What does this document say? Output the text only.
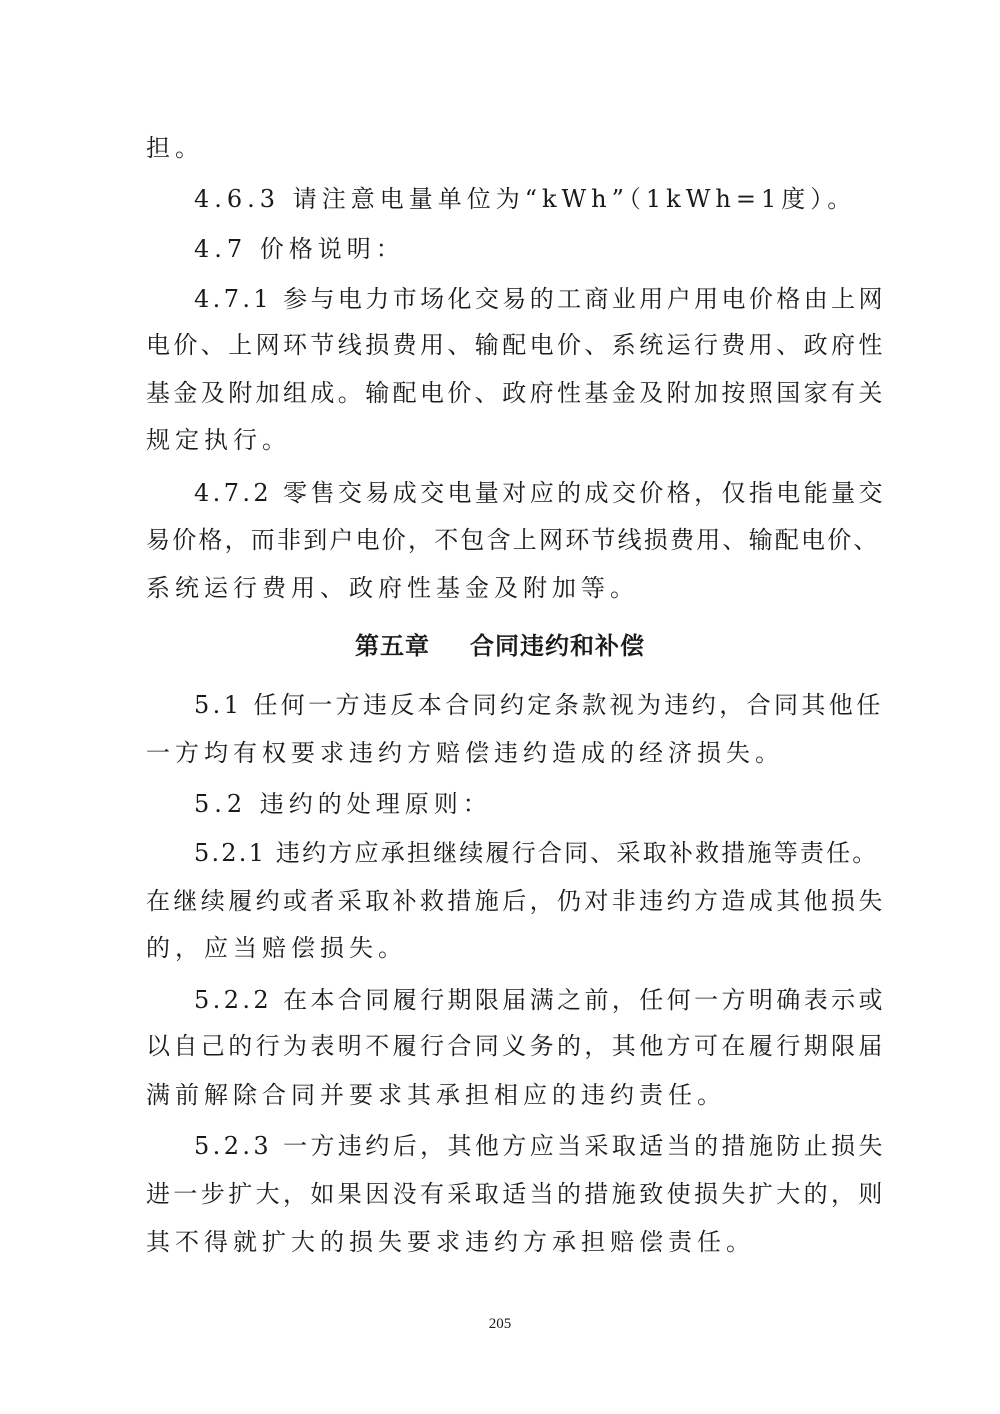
担。

4.6.3 请注意电量单位为“kWh”（1kWh=1度）。

4.7 价格说明：

4.7.1 参与电力市场化交易的工商业用户用电价格由上网

电价、上网环节线损费用、输配电价、系统运行费用、政府性

基金及附加组成。输配电价、政府性基金及附加按照国家有关

规定执行。

4.7.2 零售交易成交电量对应的成交价格，仅指电能量交

易价格，而非到户电价，不包含上网环节线损费用、输配电价、

系统运行费用、政府性基金及附加等。

第五章 合同违约和补偿

5.1 任何一方违反本合同约定条款视为违约，合同其他任

一方均有权要求违约方赔偿违约造成的经济损失。

5.2 违约的处理原则：

5.2.1 违约方应承担继续履行合同、采取补救措施等责任。

在继续履约或者采取补救措施后，仍对非违约方造成其他损失

的，应当赔偿损失。

5.2.2 在本合同履行期限届满之前，任何一方明确表示或

以自己的行为表明不履行合同义务的，其他方可在履行期限届

满前解除合同并要求其承担相应的违约责任。

5.2.3 一方违约后，其他方应当采取适当的措施防止损失

进一步扩大，如果因没有采取适当的措施致使损失扩大的，则

其不得就扩大的损失要求违约方承担赔偿责任。

205
